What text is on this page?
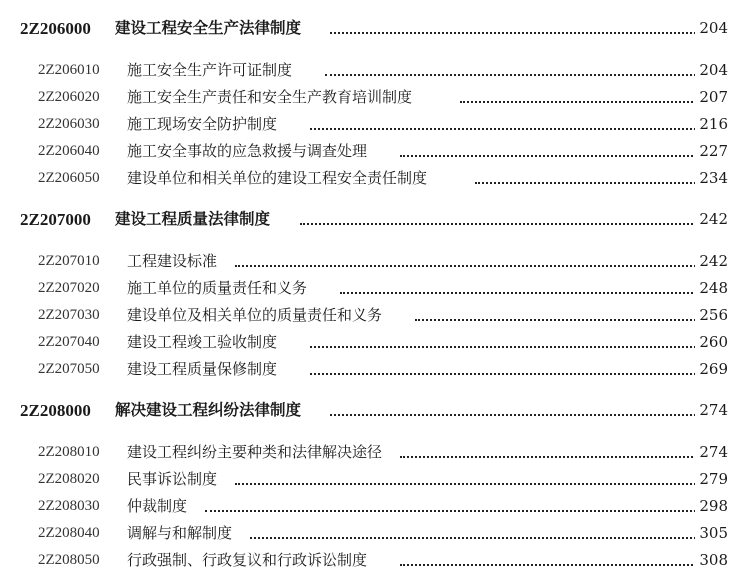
2Z206000 建设工程安全生产法律制度	204
2Z206010 施工安全生产许可证制度	204
2Z206020 施工安全生产责任和安全生产教育培训制度	207
2Z206030 施工现场安全防护制度	216
2Z206040 施工安全事故的应急救援与调查处理	227
2Z206050 建设单位和相关单位的建设工程安全责任制度	234
2Z207000 建设工程质量法律制度	242
2Z207010 工程建设标准	242
2Z207020 施工单位的质量责任和义务	248
2Z207030 建设单位及相关单位的质量责任和义务	256
2Z207040 建设工程竣工验收制度	260
2Z207050 建设工程质量保修制度	269
2Z208000 解决建设工程纠纷法律制度	274
2Z208010 建设工程纠纷主要种类和法律解决途径	274
2Z208020 民事诉讼制度	279
2Z208030 仲裁制度	298
2Z208040 调解与和解制度	305
2Z208050 行政强制、行政复议和行政诉讼制度	308
